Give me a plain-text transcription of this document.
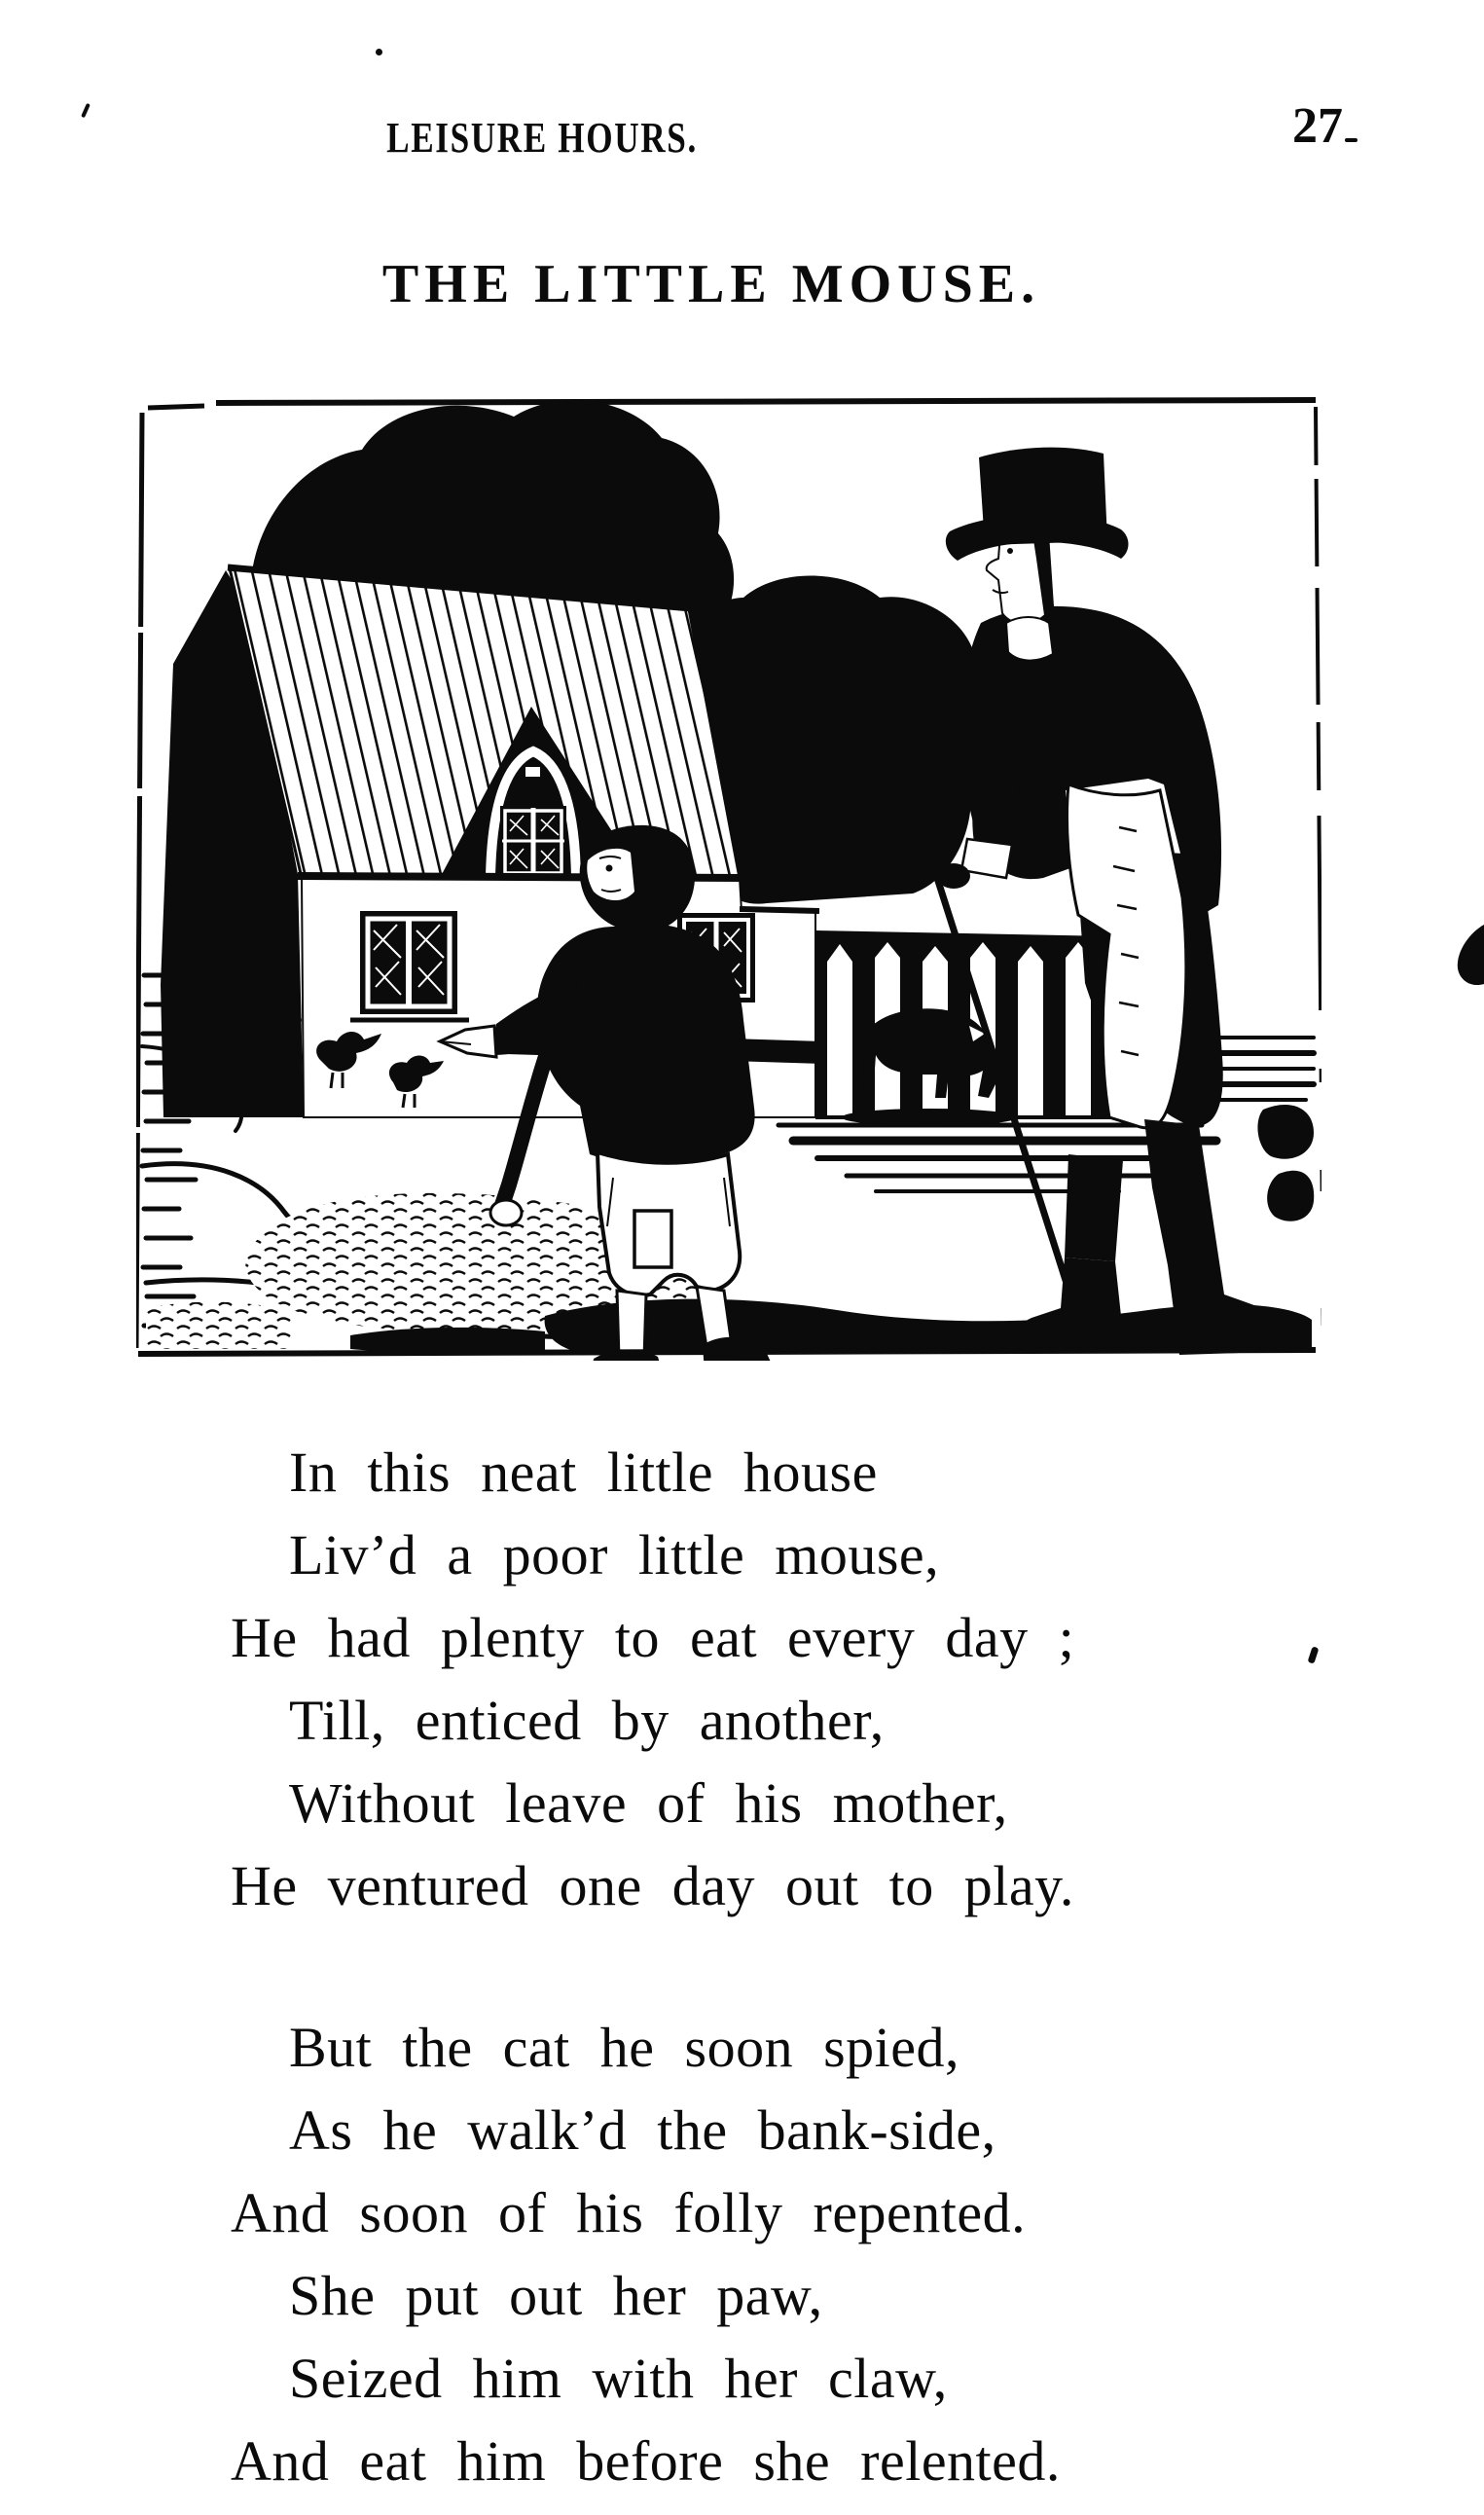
LEISURE HOURS.	27
THE LITTLE MOUSE.
In this neat little house
Liv’d a poor little mouse,
He had plenty to eat every day ;
Till, enticed by another,
Without leave of his mother,
He ventured one day out to play.
But the cat he soon spied,
As he walk’d the bank-side,
And soon of his folly repented.
She put out her paw,
Seized him with her claw,
And eat him before she relented.
